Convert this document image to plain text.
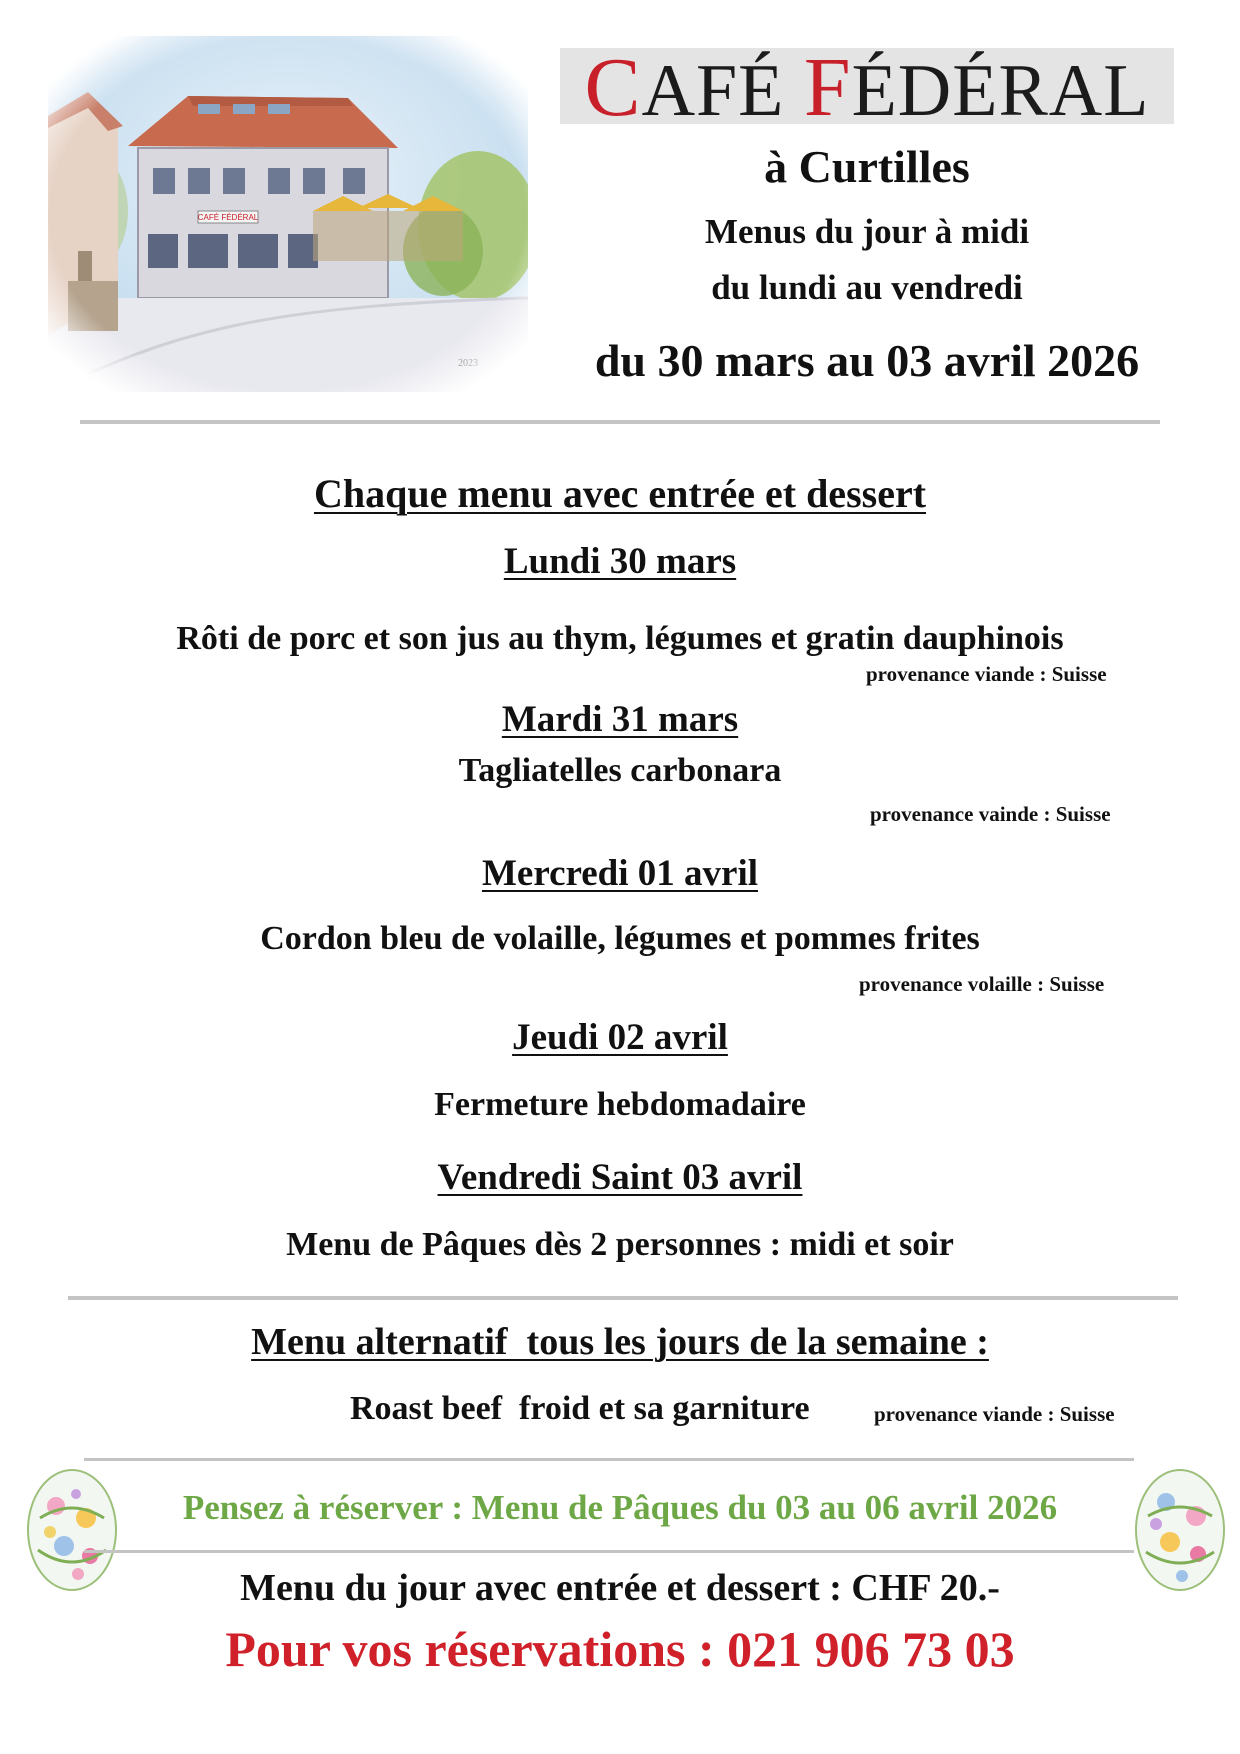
CAFÉ FÉDÉRAL
à Curtilles
Menus du jour à midi
du lundi au vendredi
du 30 mars au 03 avril 2026
Chaque menu avec entrée et dessert
Lundi 30 mars
Rôti de porc et son jus au thym, légumes et gratin dauphinois
provenance viande : Suisse
Mardi 31 mars
Tagliatelles carbonara
provenance vainde : Suisse
Mercredi 01 avril
Cordon bleu de volaille, légumes et pommes frites
provenance volaille : Suisse
Jeudi 02 avril
Fermeture hebdomadaire
Vendredi Saint 03 avril
Menu de Pâques dès 2 personnes : midi et soir
Menu alternatif  tous les jours de la semaine :
Roast beef  froid et sa garniture	provenance viande : Suisse
Pensez à réserver : Menu de Pâques du 03 au 06 avril 2026
Menu du jour avec entrée et dessert : CHF 20.-
Pour vos réservations : 021 906 73 03
